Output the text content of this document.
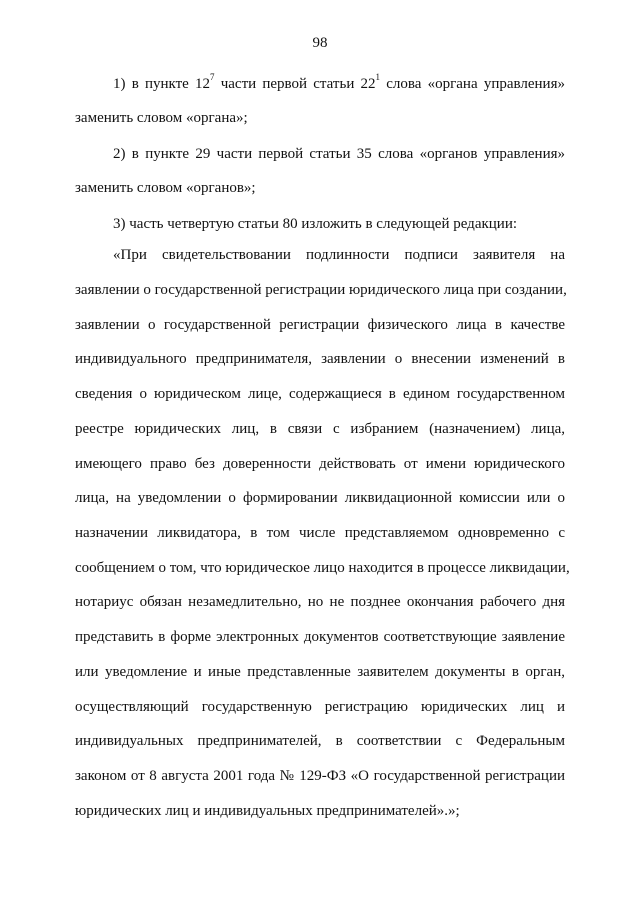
98
1) в пункте $12^7$ части первой статьи $22^1$ слова «органа управления»
заменить словом «органа»;
2) в пункте 29 части первой статьи 35 слова «органов управления»
заменить словом «органов»;
3) часть четвертую статьи 80 изложить в следующей редакции:
«При свидетельствовании подлинности подписи заявителя на
заявлении о государственной регистрации юридического лица при создании,
заявлении о государственной регистрации физического лица в качестве
индивидуального предпринимателя, заявлении о внесении изменений в
сведения о юридическом лице, содержащиеся в едином государственном
реестре юридических лиц, в связи с избранием (назначением) лица,
имеющего право без доверенности действовать от имени юридического
лица, на уведомлении о формировании ликвидационной комиссии или о
назначении ликвидатора, в том числе представляемом одновременно с
сообщением о том, что юридическое лицо находится в процессе ликвидации,
нотариус обязан незамедлительно, но не позднее окончания рабочего дня
представить в форме электронных документов соответствующие заявление
или уведомление и иные представленные заявителем документы в орган,
осуществляющий государственную регистрацию юридических лиц и
индивидуальных предпринимателей, в соответствии с Федеральным
законом от 8 августа 2001 года № 129-ФЗ «О государственной регистрации
юридических лиц и индивидуальных предпринимателей».»;
